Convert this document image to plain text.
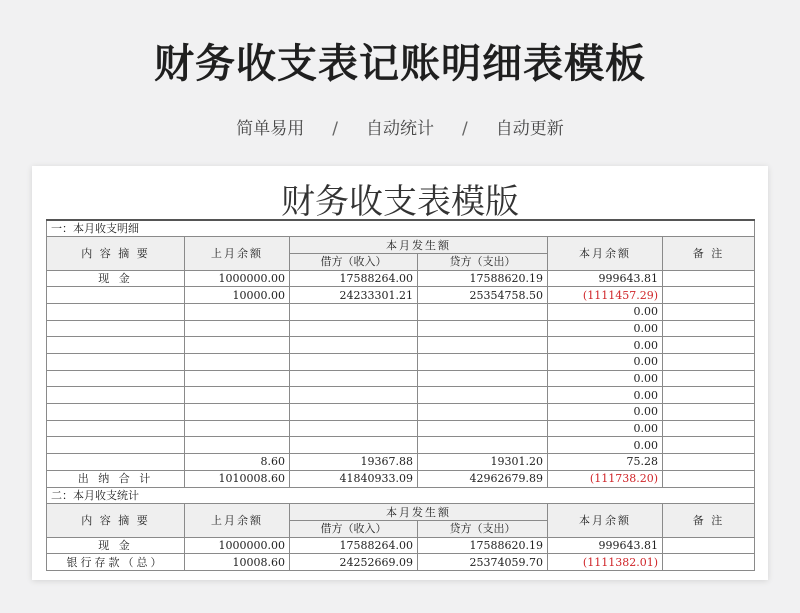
财务收支表记账明细表模板
简单易用 / 自动统计 / 自动更新
财务收支表模版
一：本月收支明细					
内 容 摘 要	上月余额	本月发生额		本月余额	备 注
		借方（收入）	贷方（支出）		
现 金	1000000.00	17588264.00	17588620.19	999643.81	
	10000.00	24233301.21	25354758.50	(1111457.29)	
				0.00	
				0.00	
				0.00	
				0.00	
				0.00	
				0.00	
				0.00	
				0.00	
				0.00	
	8.60	19367.88	19301.20	75.28	
出 纳 合 计	1010008.60	41840933.09	42962679.89	(111738.20)	
二：本月收支统计					
内 容 摘 要	上月余额	本月发生额		本月余额	备 注
		借方（收入）	贷方（支出）		
现 金	1000000.00	17588264.00	17588620.19	999643.81	
银行存款（总）	10008.60	24252669.09	25374059.70	(1111382.01)	
